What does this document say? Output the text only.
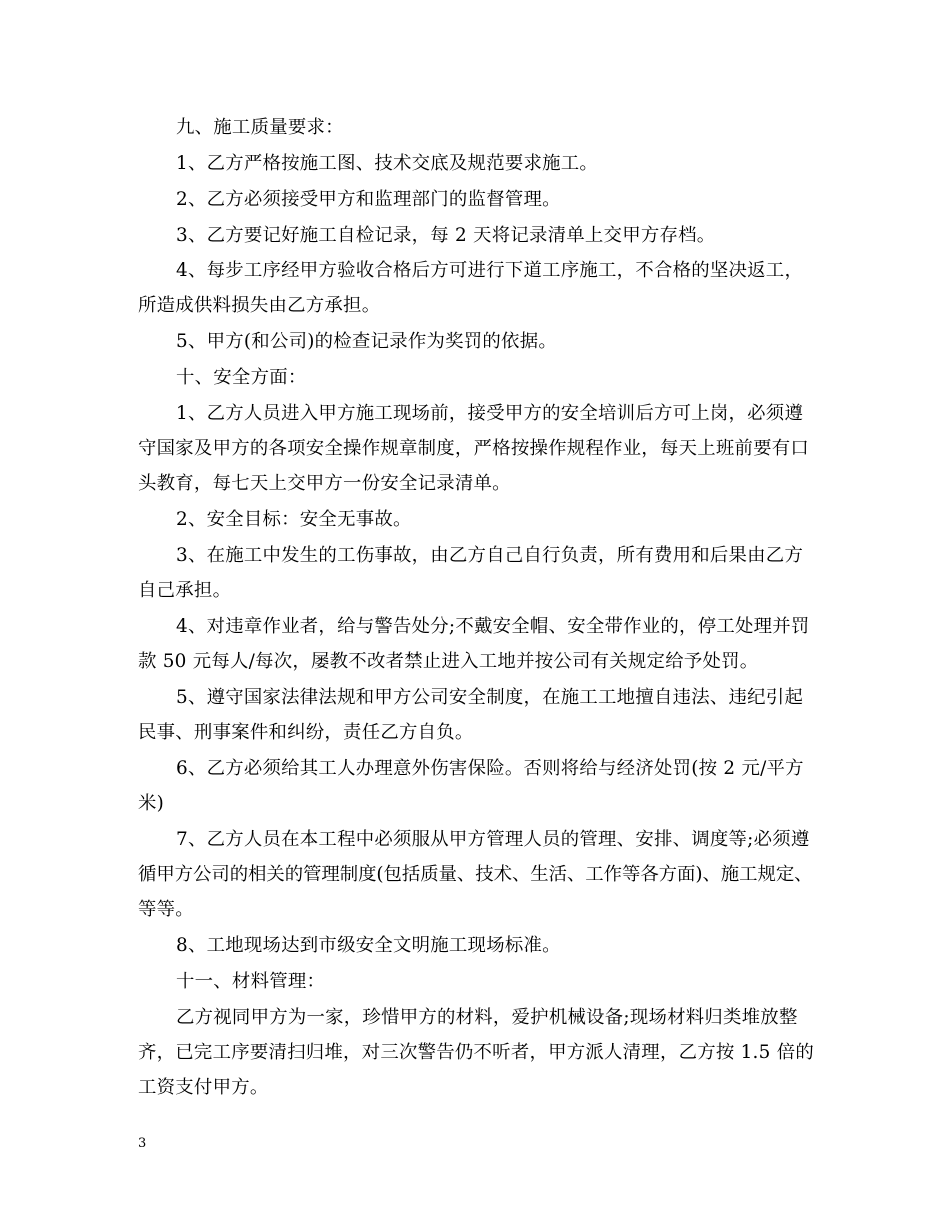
九、施工质量要求：
1、乙方严格按施工图、技术交底及规范要求施工。
2、乙方必须接受甲方和监理部门的监督管理。
3、乙方要记好施工自检记录，每 2 天将记录清单上交甲方存档。
4、每步工序经甲方验收合格后方可进行下道工序施工，不合格的坚决返工，
所造成供料损失由乙方承担。
5、甲方(和公司)的检查记录作为奖罚的依据。
十、安全方面：
1、乙方人员进入甲方施工现场前，接受甲方的安全培训后方可上岗，必须遵
守国家及甲方的各项安全操作规章制度，严格按操作规程作业，每天上班前要有口
头教育，每七天上交甲方一份安全记录清单。
2、安全目标：安全无事故。
3、在施工中发生的工伤事故，由乙方自己自行负责，所有费用和后果由乙方
自己承担。
4、对违章作业者，给与警告处分;不戴安全帽、安全带作业的，停工处理并罚
款 50 元每人/每次，屡教不改者禁止进入工地并按公司有关规定给予处罚。
5、遵守国家法律法规和甲方公司安全制度，在施工工地擅自违法、违纪引起
民事、刑事案件和纠纷，责任乙方自负。
6、乙方必须给其工人办理意外伤害保险。否则将给与经济处罚(按 2 元/平方
米)
7、乙方人员在本工程中必须服从甲方管理人员的管理、安排、调度等;必须遵
循甲方公司的相关的管理制度(包括质量、技术、生活、工作等各方面)、施工规定、
等等。
8、工地现场达到市级安全文明施工现场标准。
十一、材料管理：
乙方视同甲方为一家，珍惜甲方的材料，爱护机械设备;现场材料归类堆放整
齐，已完工序要清扫归堆，对三次警告仍不听者，甲方派人清理，乙方按 1.5 倍的
工资支付甲方。
3
